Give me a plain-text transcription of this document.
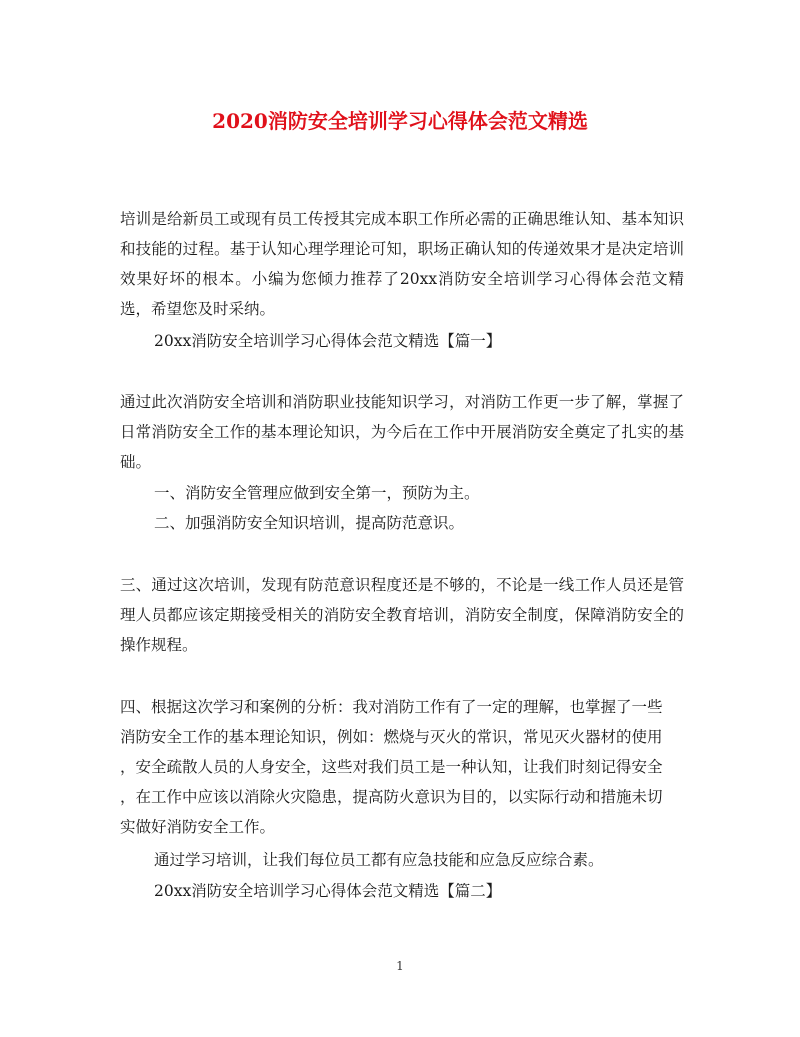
2020消防安全培训学习心得体会范文精选

培训是给新员工或现有员工传授其完成本职工作所必需的正确思维认知、基本知识和技能的过程。基于认知心理学理论可知，职场正确认知的传递效果才是决定培训效果好坏的根本。小编为您倾力推荐了20xx消防安全培训学习心得体会范文精选，希望您及时采纳。

20xx消防安全培训学习心得体会范文精选【篇一】

通过此次消防安全培训和消防职业技能知识学习，对消防工作更一步了解，掌握了日常消防安全工作的基本理论知识，为今后在工作中开展消防安全奠定了扎实的基础。

一、消防安全管理应做到安全第一，预防为主。

二、加强消防安全知识培训，提高防范意识。

三、通过这次培训，发现有防范意识程度还是不够的，不论是一线工作人员还是管理人员都应该定期接受相关的消防安全教育培训，消防安全制度，保障消防安全的操作规程。

四、根据这次学习和案例的分析：我对消防工作有了一定的理解，也掌握了一些
消防安全工作的基本理论知识，例如：燃烧与灭火的常识，常见灭火器材的使用
，安全疏散人员的人身安全，这些对我们员工是一种认知，让我们时刻记得安全
，在工作中应该以消除火灾隐患，提高防火意识为目的，以实际行动和措施未切
实做好消防安全工作。

通过学习培训，让我们每位员工都有应急技能和应急反应综合素。

20xx消防安全培训学习心得体会范文精选【篇二】

1
